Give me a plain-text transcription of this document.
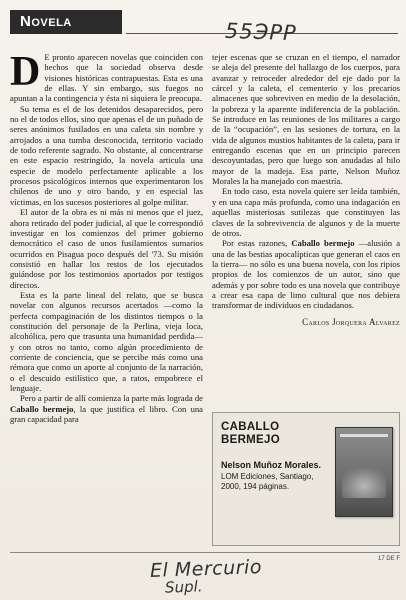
Novela	55ЭРР

D E pronto aparecen novelas que coinciden con hechos que la sociedad observa desde visiones históricas contrapuestas. Esta es una de ellas. Y sin embargo, sus fuegos no apuntan a la contingencia y ésta ni siquiera le preocupa.

Su tema es el de los detenidos desaparecidos, pero no el de todos ellos, sino que apenas el de un puñado de seres anónimos fusilados en una caleta sin nombre y arrojados a una tumba desconocida, territorio vaciado de todo referente sagrado. No obstante, al concentrarse en este espacio restringido, la novela articula una especie de modelo perfectamente aplicable a los procesos psicológicos internos que experimentaron los chilenos de uno y otro bando, y en especial las víctimas, en los sucesos posteriores al golpe militar.

El autor de la obra es ni más ni menos que el juez, ahora retirado del poder judicial, al que le correspondió investigar en los comienzos del primer gobierno democrático el caso de unos fusilamientos sumarios ocurridos en Pisagua poco después del '73. Su misión consistió en hallar los restos de los ejecutados guiándose por los testimonios aportados por testigos directos.

Esta es la parte lineal del relato, que se busca novelar con algunos recursos acertados —como la perfecta compaginación de los distintos tiempos o la constitución del personaje de la Perlina, vieja loca, alcohólica, pero que trasunta una humanidad perdida— y con otros no tanto, como algún procedimiento de corriente de conciencia, que se percibe más como una rémora que como un aporte al conjunto de la narración, o el descuido estilístico que, a ratos, empobrece el lenguaje.

Pero a partir de allí comienza la parte más lograda de Caballo bermejo, la que justifica el libro. Con una gran capacidad para

tejer escenas que se cruzan en el tiempo, el narrador se aleja del presente del hallazgo de los cuerpos, para avanzar y retroceder alrededor del eje dado por la cárcel y la caleta, el cementerio y los precarios almacenes que sobreviven en medio de la desolación, la pobreza y la aparente indiferencia de la población. Se introduce en las reuniones de los militares a cargo de la “ocupación”, en las sesiones de tortura, en la vida de algunos mustios habitantes de la caleta, para ir entregando escenas que en un principio parecen descoyuntadas, pero que luego son anudadas al hilo mayor de la madeja. Esa parte, Nelson Muñoz Morales la ha manejado con maestría.

En todo caso, esta novela quiere ser leída también, y en una capa más profunda, como una indagación en aquellas misteriosas sutilezas que constituyen las claves de la sobrevivencia de algunos y de la muerte de otros.

Por estas razones, Caballo bermejo —alusión a una de las bestias apocalípticas que generan el caos en la tierra— no sólo es una buena novela, con los ripios propios de los comienzos de un autor, sino que además y por sobre todo es una novela que contribuye a crear esa capa de limo cultural que nos debiera transformar de individuos en ciudadanos.

Carlos Jorquera Alvarez
CABALLO
BERMEJO
Nelson Muñoz Morales.
LOM Ediciones, Santiago,
2000, 194 páginas.
17 DE F
El Mercurio
Supl.
